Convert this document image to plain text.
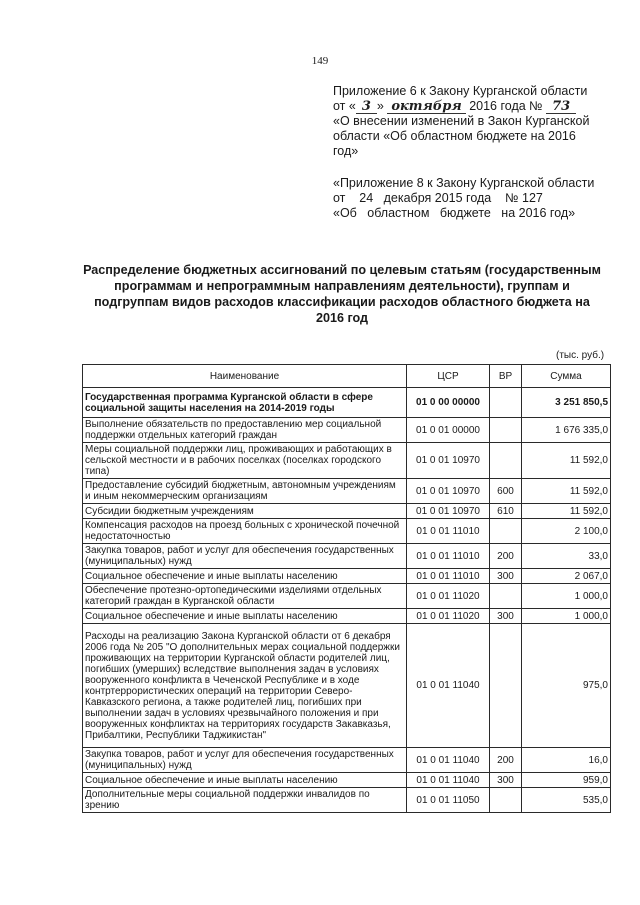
149
Приложение 6 к Закону Курганской области
от « 3 » октября 2016 года № 73
«О внесении изменений в Закон Курганской
области «Об областном бюджете на 2016
год»
«Приложение 8 к Закону Курганской области
от    24   декабря 2015 года    № 127
«Об   областном   бюджете   на 2016 год»
Распределение бюджетных ассигнований по целевым статьям (государственным
программам и непрограммным направлениям деятельности), группам и
подгруппам видов расходов классификации расходов областного бюджета на
2016 год
(тыс. руб.)
Наименование	ЦСР	ВР	Сумма
Государственная программа Курганской области в сфере социальной защиты населения на 2014-2019 годы	01 0 00 00000		3 251 850,5
Выполнение обязательств по предоставлению мер социальной поддержки отдельных категорий граждан	01 0 01 00000		1 676 335,0
Меры социальной поддержки лиц, проживающих и работающих в сельской местности и в рабочих поселках (поселках городского типа)	01 0 01 10970		11 592,0
Предоставление субсидий бюджетным, автономным учреждениям и иным некоммерческим организациям	01 0 01 10970	600	11 592,0
Субсидии бюджетным учреждениям	01 0 01 10970	610	11 592,0
Компенсация расходов на проезд больных с хронической почечной недостаточностью	01 0 01 11010		2 100,0
Закупка товаров, работ и услуг для обеспечения государственных (муниципальных) нужд	01 0 01 11010	200	33,0
Социальное обеспечение и иные выплаты населению	01 0 01 11010	300	2 067,0
Обеспечение протезно-ортопедическими изделиями отдельных категорий граждан в Курганской области	01 0 01 11020		1 000,0
Социальное обеспечение и иные выплаты населению	01 0 01 11020	300	1 000,0
Расходы на реализацию Закона Курганской области от 6 декабря 2006 года № 205 "О дополнительных мерах социальной поддержки проживающих на территории Курганской области родителей лиц, погибших (умерших) вследствие выполнения задач в условиях вооруженного конфликта в Чеченской Республике и в ходе контртеррористических операций на территории Северо-Кавказского региона, а также родителей лиц, погибших при выполнении задач в условиях чрезвычайного положения и при вооруженных конфликтах на территориях государств Закавказья, Прибалтики, Республики Таджикистан"	01 0 01 11040		975,0
Закупка товаров, работ и услуг для обеспечения государственных (муниципальных) нужд	01 0 01 11040	200	16,0
Социальное обеспечение и иные выплаты населению	01 0 01 11040	300	959,0
Дополнительные меры социальной поддержки инвалидов по зрению	01 0 01 11050		535,0
